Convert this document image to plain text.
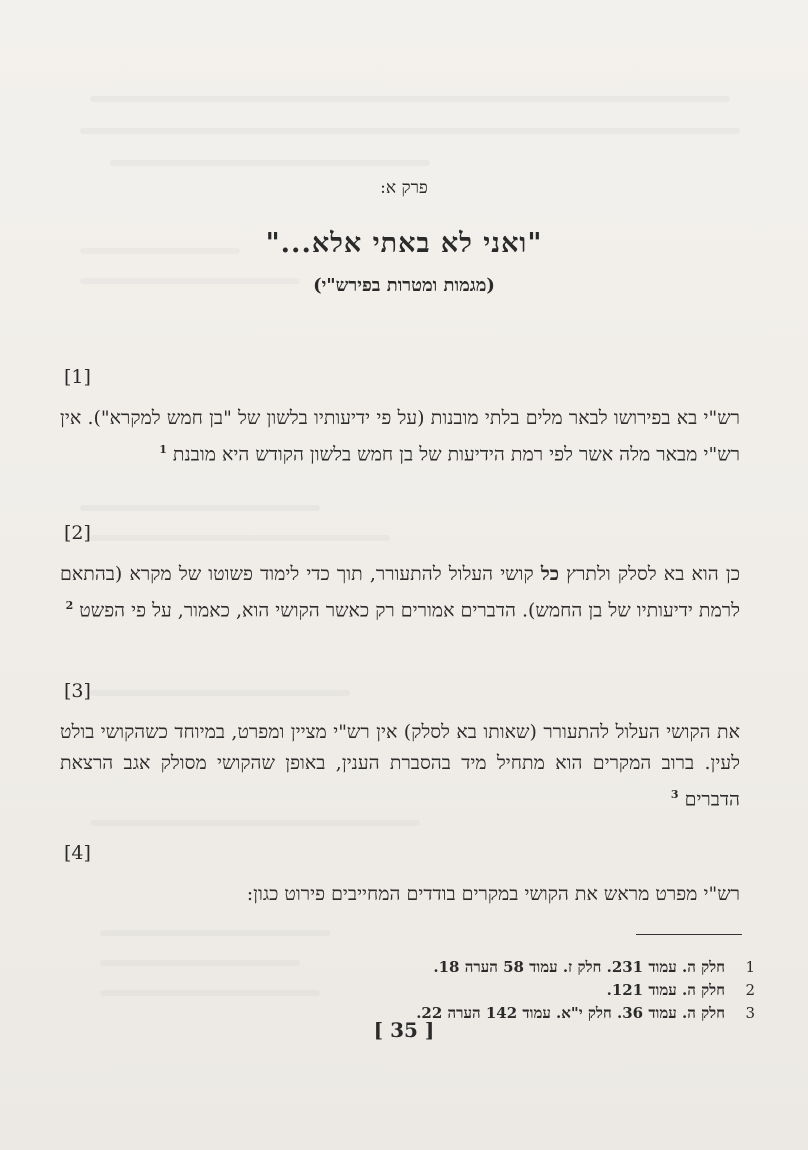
פרק א:
"ואני לא באתי אלא..."
(מגמות ומטרות בפירש"י)
[1]
רש"י בא בפירושו לבאר מלים בלתי מובנות (על פי ידיעותיו בלשון של "בן חמש למקרא"). אין רש"י מבאר מלה אשר לפי רמת הידיעות של בן חמש בלשון הקודש היא מובנת $^1$
[2]
כן הוא בא לסלק ולתרץ כל קושי העלול להתעורר, תוך כדי לימוד פשוטו של מקרא (בהתאם לרמת ידיעותיו של בן החמש). הדברים אמורים רק כאשר הקושי הוא, כאמור, על פי הפשט $^2$
[3]
את הקושי העלול להתעורר (שאותו בא לסלק) אין רש"י מציין ומפרט, במיוחד כשהקושי בולט לעין. ברוב המקרים הוא מתחיל מיד בהסברת הענין, באופן שהקושי מסולק אגב הרצאת הדברים $^3$
[4]
רש"י מפרט מראש את הקושי במקרים בודדים המחייבים פירוט כגון:
1
חלק ה. עמוד 231. חלק ז. עמוד 58 הערה 18.
2
חלק ה. עמוד 121.
3
חלק ה. עמוד 36. חלק י"א. עמוד 142 הערה 22.
[ 35 ]
